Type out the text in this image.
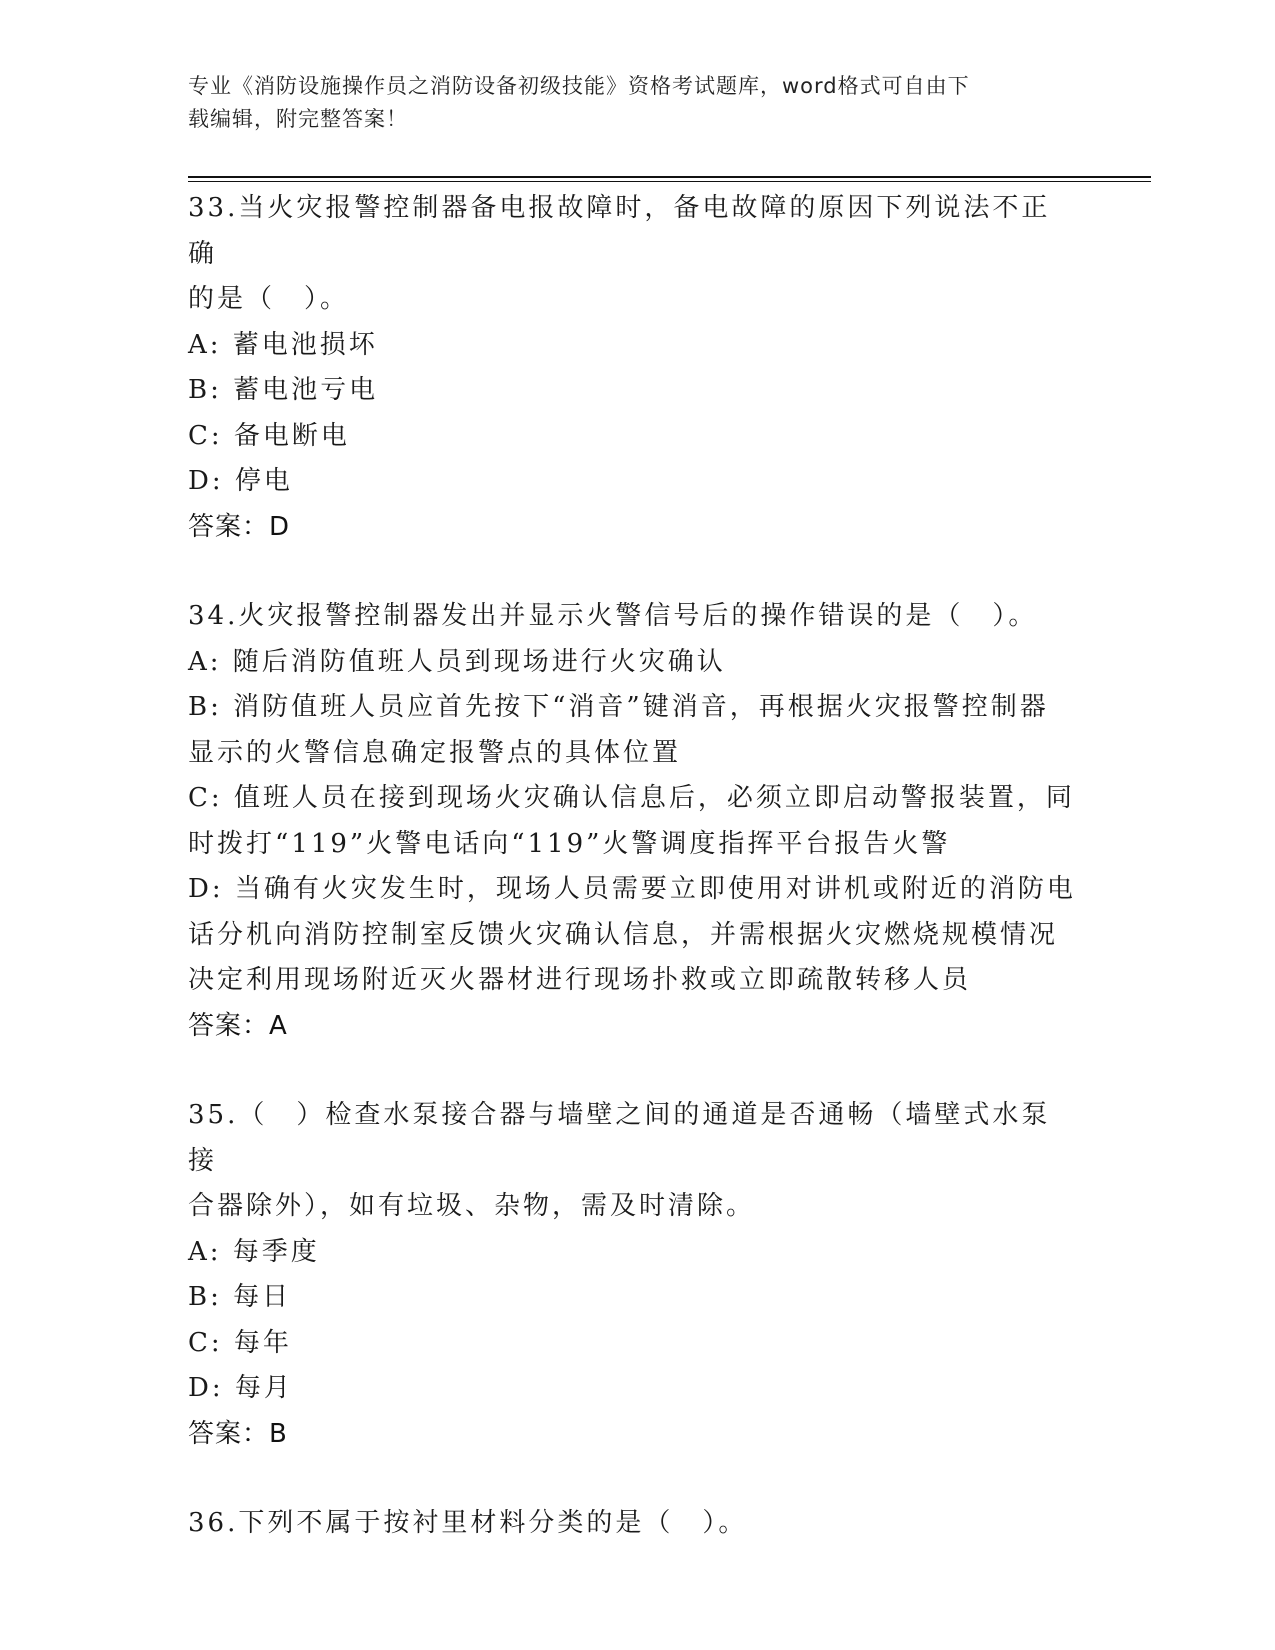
专业《消防设施操作员之消防设备初级技能》资格考试题库，word格式可自由下
载编辑，附完整答案！
33.当火灾报警控制器备电报故障时，备电故障的原因下列说法不正确
的是（　）。
A: 蓄电池损坏
B: 蓄电池亏电
C: 备电断电
D: 停电
答案：D
34.火灾报警控制器发出并显示火警信号后的操作错误的是（　）。
A: 随后消防值班人员到现场进行火灾确认
B: 消防值班人员应首先按下“消音”键消音，再根据火灾报警控制器
显示的火警信息确定报警点的具体位置
C: 值班人员在接到现场火灾确认信息后，必须立即启动警报装置，同
时拨打“119”火警电话向“119”火警调度指挥平台报告火警
D: 当确有火灾发生时，现场人员需要立即使用对讲机或附近的消防电
话分机向消防控制室反馈火灾确认信息，并需根据火灾燃烧规模情况
决定利用现场附近灭火器材进行现场扑救或立即疏散转移人员
答案：A
35.（　）检查水泵接合器与墙壁之间的通道是否通畅（墙壁式水泵接
合器除外），如有垃圾、杂物，需及时清除。
A: 每季度
B: 每日
C: 每年
D: 每月
答案：B
36.下列不属于按衬里材料分类的是（　）。
